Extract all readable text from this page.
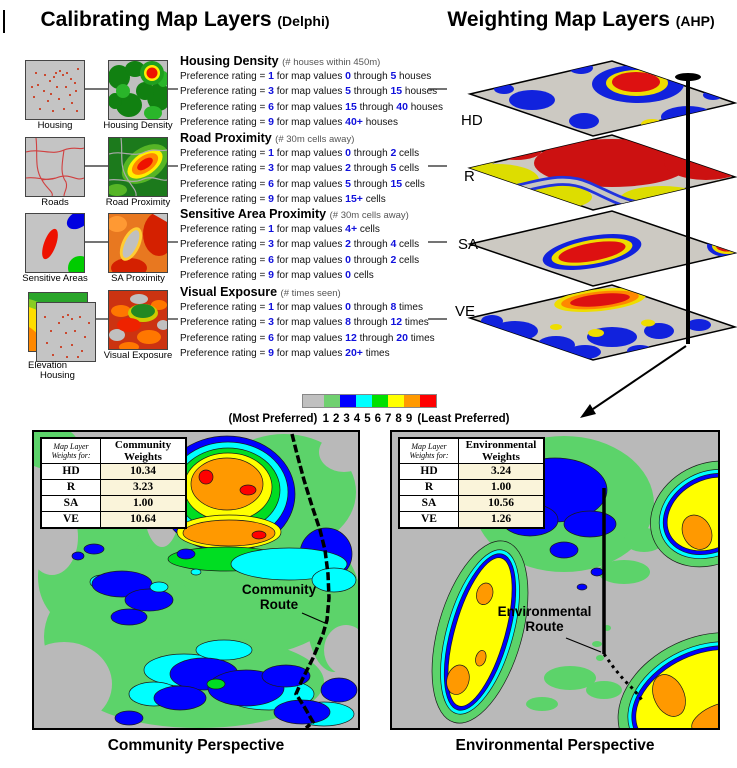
Calibrating Map Layers (Delphi)	Weighting Map Layers (AHP)
Housing	Housing Density
Housing Density (# houses within 450m)
Preference rating = 1 for map values 0 through 5 houses
Preference rating = 3 for map values 5 through 15 houses
Preference rating = 6 for map values 15 through 40 houses
Preference rating = 9 for map values 40+ houses
Roads	Road Proximity
Road Proximity (# 30m cells away)
Preference rating = 1 for map values 0 through 2 cells
Preference rating = 3 for map values 2 through 5 cells
Preference rating = 6 for map values 5 through 15 cells
Preference rating = 9 for map values 15+ cells
Sensitive Areas	SA Proximity
Sensitive Area Proximity (# 30m cells away)
Preference rating = 1 for map values 4+ cells
Preference rating = 3 for map values 2 through 4 cells
Preference rating = 6 for map values 0 through 2 cells
Preference rating = 9 for map values 0 cells
Elevation
Housing
Visual Exposure
Visual Exposure (# times seen)
Preference rating = 1 for map values 0 through 8 times
Preference rating = 3 for map values 8 through 12 times
Preference rating = 6 for map values 12 through 20 times
Preference rating = 9 for map values 20+ times
HD
R
SA
VE
(Most Preferred) 1 2 3 4 5 6 7 8 9 (Least Preferred)
Map Layer
Weights for:	Community
Weights
HD	10.34
R	3.23
SA	1.00
VE	10.64
Community
Route
Community Perspective
Map Layer
Weights for:	Environmental
Weights
HD	3.24
R	1.00
SA	10.56
VE	1.26
Environmental
Route
Environmental Perspective
